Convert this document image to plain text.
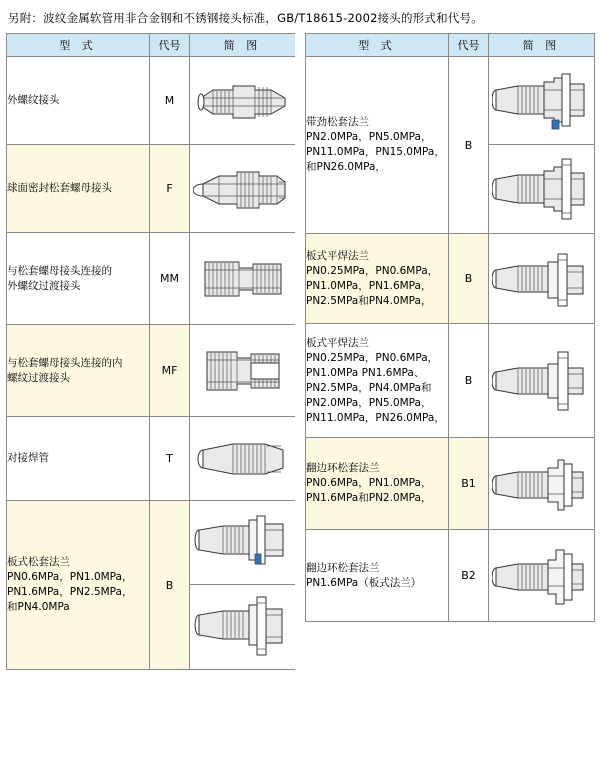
另附：波纹金属软管用非合金钢和不锈钢接头标准，GB/T18615-2002接头的形式和代号。
型 式	代号	简 图

外螺纹接头	M	

球面密封松套螺母接头	F	

与松套螺母接头连接的
外螺纹过渡接头
	MM	

与松套螺母接头连接的内
螺纹过渡接头
	MF	

对接焊管	T	

板式松套法兰
PN0.6MPa，PN1.0MPa，
PN1.6MPa，PN2.5MPa，
和PN4.0MPa
	B	

型 式	代号	简 图

带劲松套法兰
PN2.0MPa，PN5.0MPa，
PN11.0MPa，PN15.0MPa，
和PN26.0MPa，
	B	

板式平焊法兰
PN0.25MPa，PN0.6MPa，
PN1.0MPa，PN1.6MPa，
PN2.5MPa和PN4.0MPa，
	B	

板式平焊法兰
PN0.25MPa，PN0.6MPa，
PN1.0MPa PN1.6MPa、
PN2.5MPa，PN4.0MPa和
PN2.0MPa，PN5.0MPa，
PN11.0MPa，PN26.0MPa，
	B	

翻边环松套法兰
PN0.6MPa，PN1.0MPa，
PN1.6MPa和PN2.0MPa，
	B1	

翻边环松套法兰
PN1.6MPa（板式法兰）
	B2	
